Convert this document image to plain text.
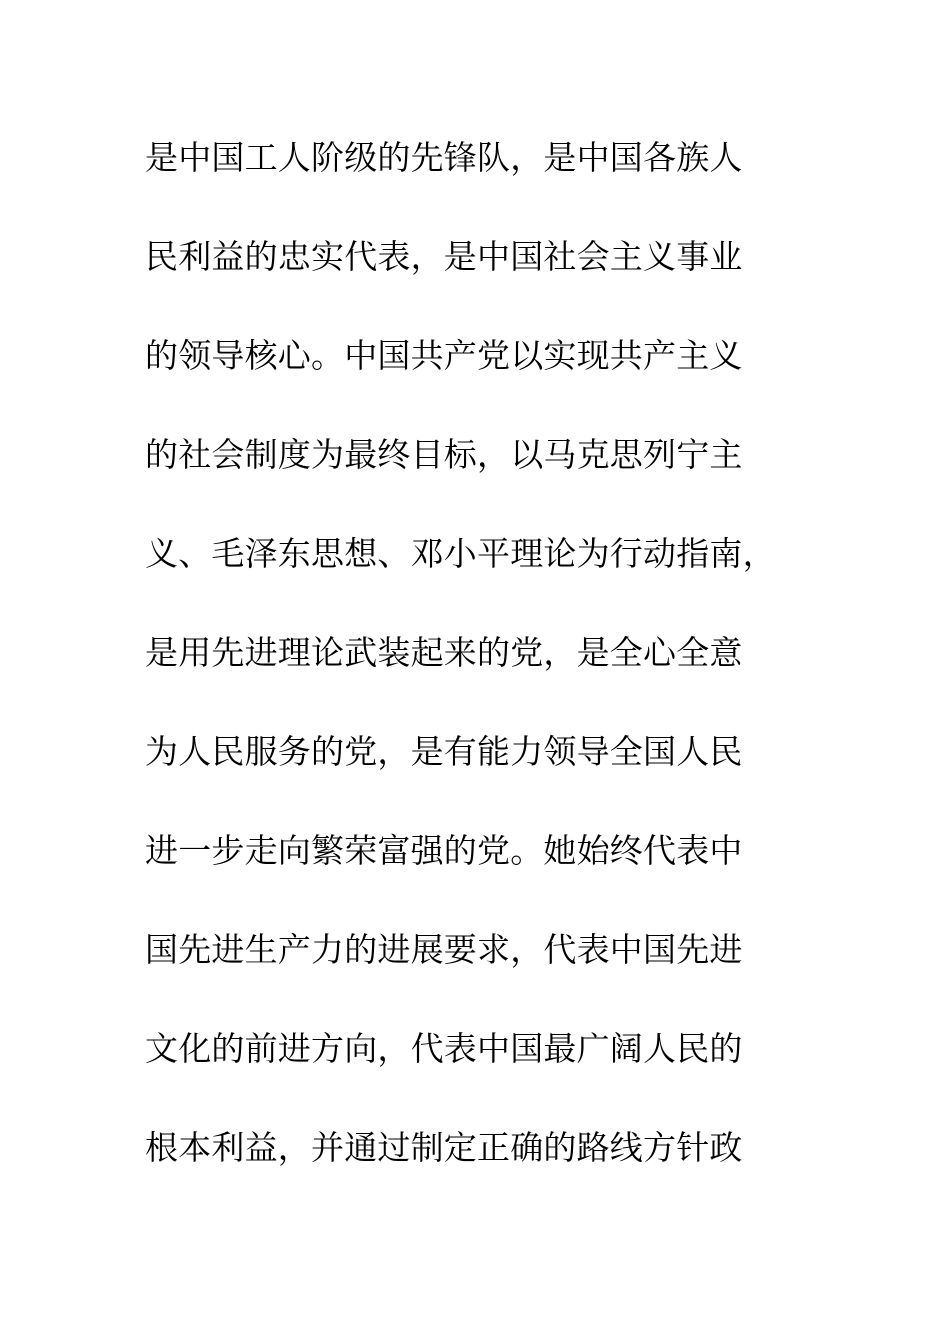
是中国工人阶级的先锋队，是中国各族人
民利益的忠实代表，是中国社会主义事业
的领导核心。中国共产党以实现共产主义
的社会制度为最终目标，以马克思列宁主
义、毛泽东思想、邓小平理论为行动指南，
是用先进理论武装起来的党，是全心全意
为人民服务的党，是有能力领导全国人民
进一步走向繁荣富强的党。她始终代表中
国先进生产力的进展要求，代表中国先进
文化的前进方向，代表中国最广阔人民的
根本利益，并通过制定正确的路线方针政
